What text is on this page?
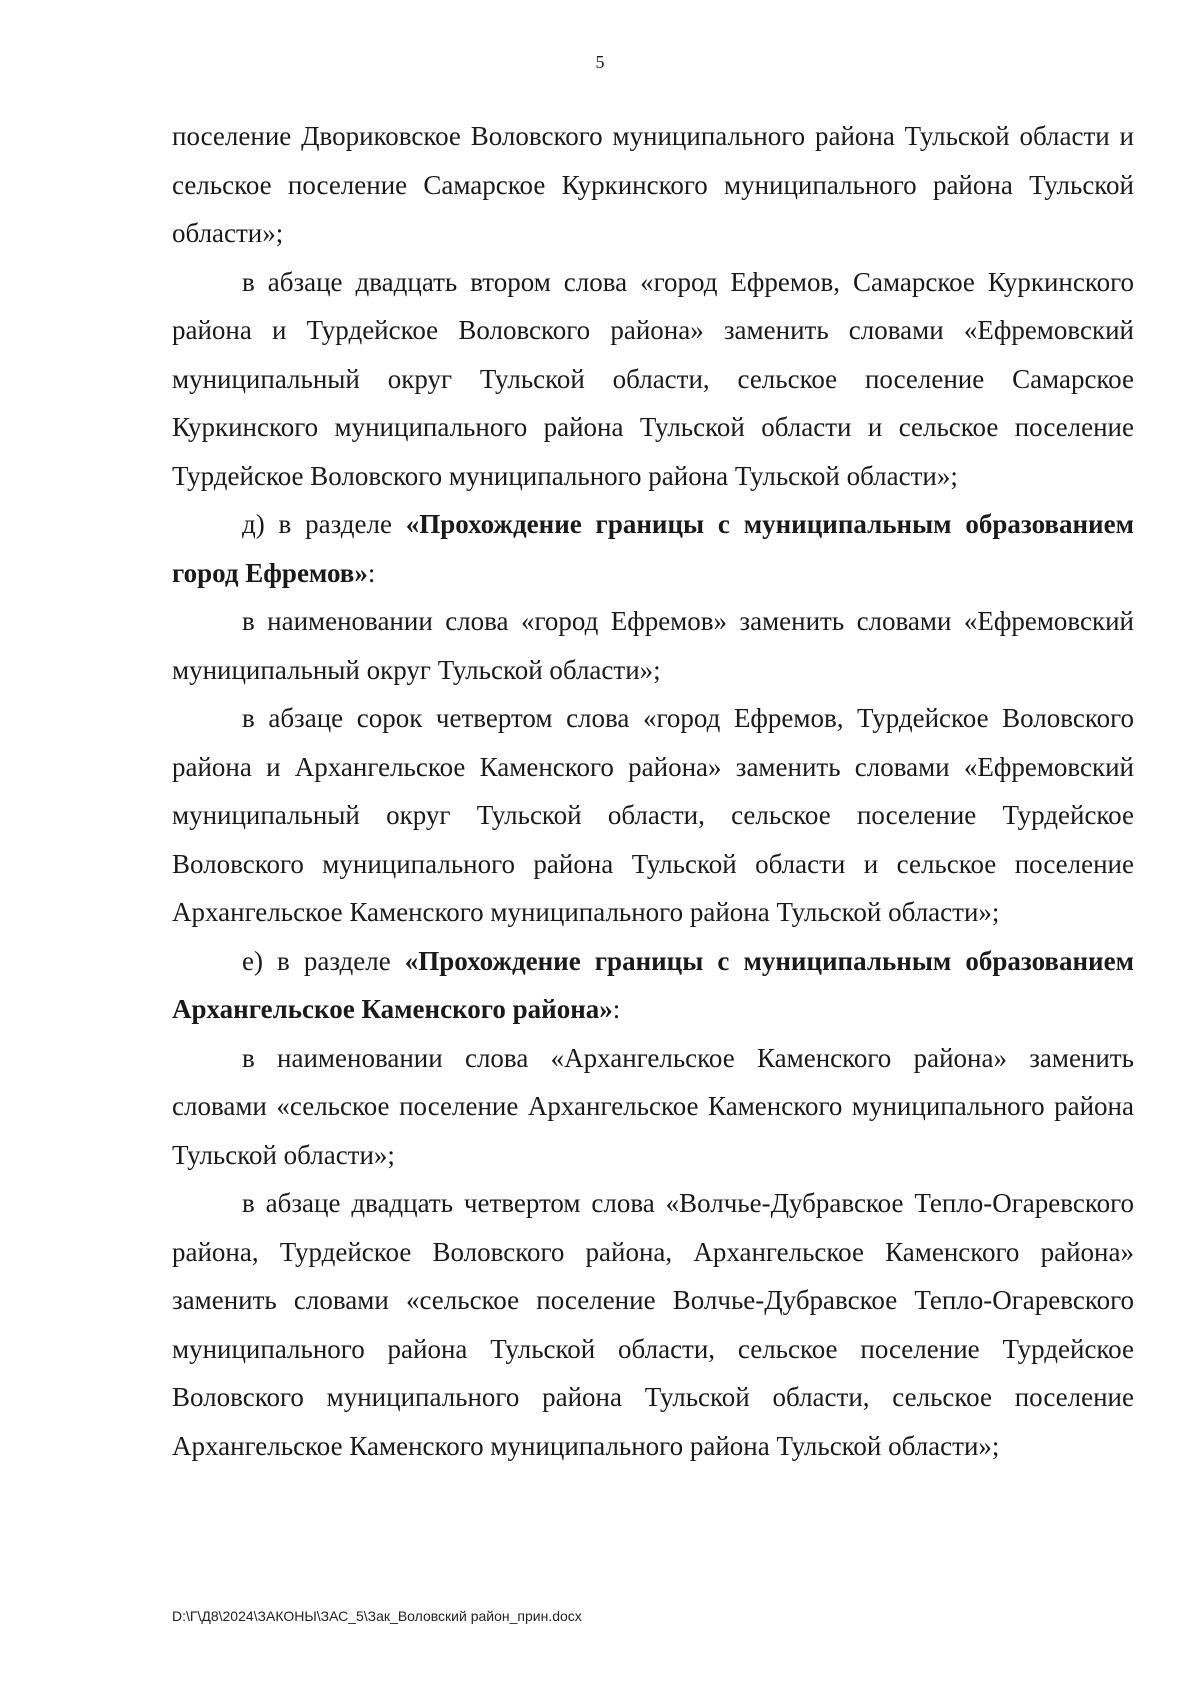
5

поселение Двориковское Воловского муниципального района Тульской области и сельское поселение Самарское Куркинского муниципального района Тульской области»;

в абзаце двадцать втором слова «город Ефремов, Самарское Куркинского района и Турдейское Воловского района» заменить словами «Ефремовский муниципальный округ Тульской области, сельское поселение Самарское Куркинского муниципального района Тульской области и сельское поселение Турдейское Воловского муниципального района Тульской области»;

д) в разделе «Прохождение границы с муниципальным образованием город Ефремов»:

в наименовании слова «город Ефремов» заменить словами «Ефремовский муниципальный округ Тульской области»;

в абзаце сорок четвертом слова «город Ефремов, Турдейское Воловского района и Архангельское Каменского района» заменить словами «Ефремовский муниципальный округ Тульской области, сельское поселение Турдейское Воловского муниципального района Тульской области и сельское поселение Архангельское Каменского муниципального района Тульской области»;

е) в разделе «Прохождение границы с муниципальным образованием Архангельское Каменского района»:

в наименовании слова «Архангельское Каменского района» заменить словами «сельское поселение Архангельское Каменского муниципального района Тульской области»;

в абзаце двадцать четвертом слова «Волчье-Дубравское Тепло-Огаревского района, Турдейское Воловского района, Архангельское Каменского района» заменить словами «сельское поселение Волчье-Дубравское Тепло-Огаревского муниципального района Тульской области, сельское поселение Турдейское Воловского муниципального района Тульской области, сельское поселение Архангельское Каменского муниципального района Тульской области»;

D:\Г\Д8\2024\ЗАКОНЫ\ЗАС_5\Зак_Воловский район_прин.docx
